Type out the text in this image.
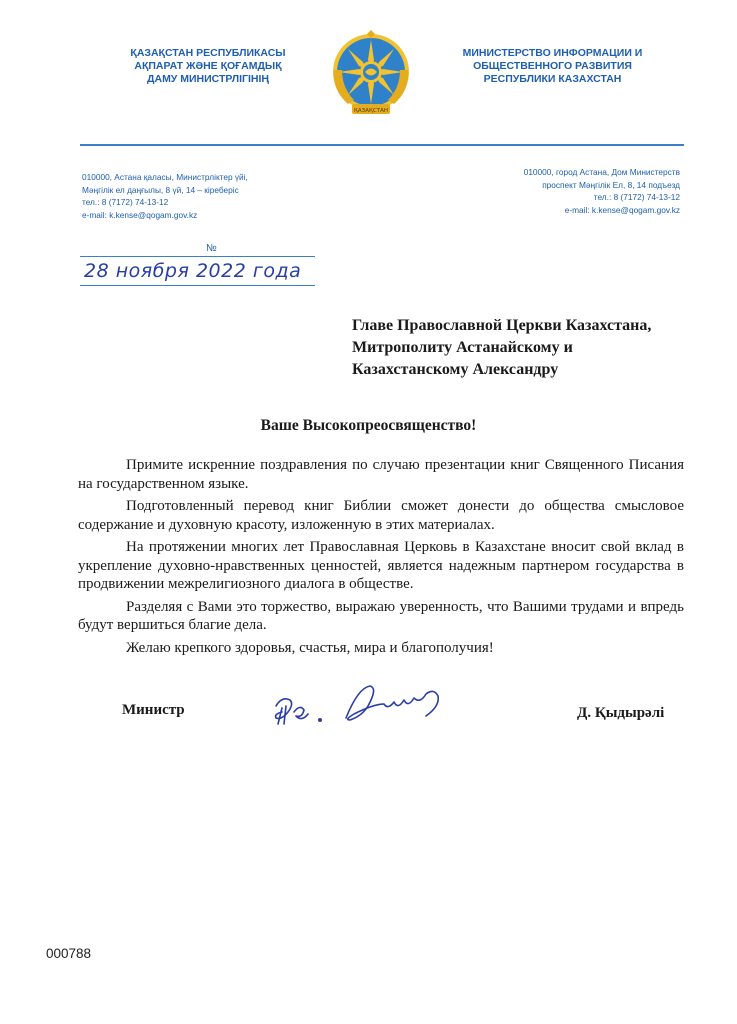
ҚАЗАҚСТАН РЕСПУБЛИКАСЫ
АҚПАРАТ ЖӘНЕ ҚОҒАМДЫҚ
ДАМУ МИНИСТРЛІГІНІҢ
МИНИСТЕРСТВО ИНФОРМАЦИИ И
ОБЩЕСТВЕННОГО РАЗВИТИЯ
РЕСПУБЛИКИ КАЗАХСТАН
ҚАЗАҚСТАН
010000, Астана қаласы, Министрліктер үйі,
Мәңгілік ел даңғылы, 8 үй, 14 – кіреберіс
тел.: 8 (7172) 74-13-12
e-mail: k.kense@qogam.gov.kz
010000, город Астана, Дом Министерств
проспект Мәңгілік Ел, 8, 14 подъезд
тел.: 8 (7172) 74-13-12
e-mail: k.kense@qogam.gov.kz
№
28 ноября 2022 года
Главе Православной Церкви Казахстана,
Митрополиту Астанайскому и
Казахстанскому Александру
Ваше Высокопреосвященство!

Примите искренние поздравления по случаю презентации книг Священного Писания на государственном языке.

Подготовленный перевод книг Библии сможет донести до общества смысловое содержание и духовную красоту, изложенную в этих материалах.

На протяжении многих лет Православная Церковь в Казахстане вносит свой вклад в укрепление духовно-нравственных ценностей, является надежным партнером государства в продвижении межрелигиозного диалога в обществе.

Разделяя с Вами это торжество, выражаю уверенность, что Вашими трудами и впредь будут вершиться благие дела.

Желаю крепкого здоровья, счастья, мира и благополучия!

Министр	Д. Қыдырәлі
000788
